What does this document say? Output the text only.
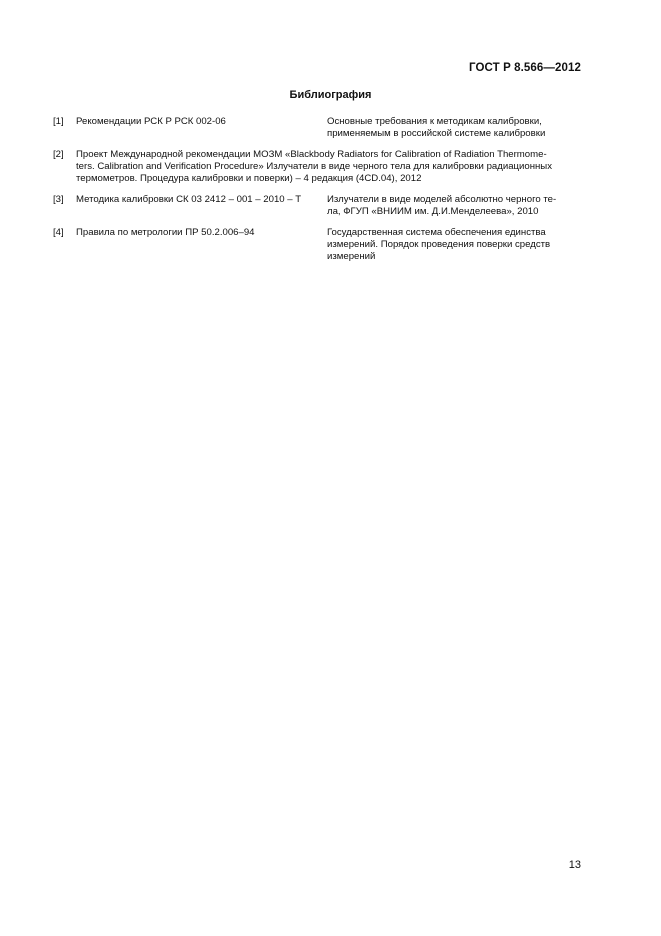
ГОСТ Р 8.566—2012
Библиография
[1]	Рекомендации РСК Р РСК 002-06	Основные требования к методикам калибровки,
применяемым в российской системе калибровки
[2]	Проект Международной рекомендации МОЗМ «Blackbody Radiators for Calibration of Radiation Thermome-
ters. Calibration and Verification Procedure» Излучатели в виде черного тела для калибровки радиационных
термометров. Процедура калибровки и поверки) – 4 редакция (4CD.04), 2012
[3]	Методика калибровки СК 03 2412 – 001 – 2010 – Т	Излучатели в виде моделей абсолютно черного те-
ла, ФГУП «ВНИИМ им. Д.И.Менделеева», 2010
[4]	Правила по метрологии ПР 50.2.006–94	Государственная система обеспечения единства
измерений. Порядок проведения поверки средств
измерений
13
